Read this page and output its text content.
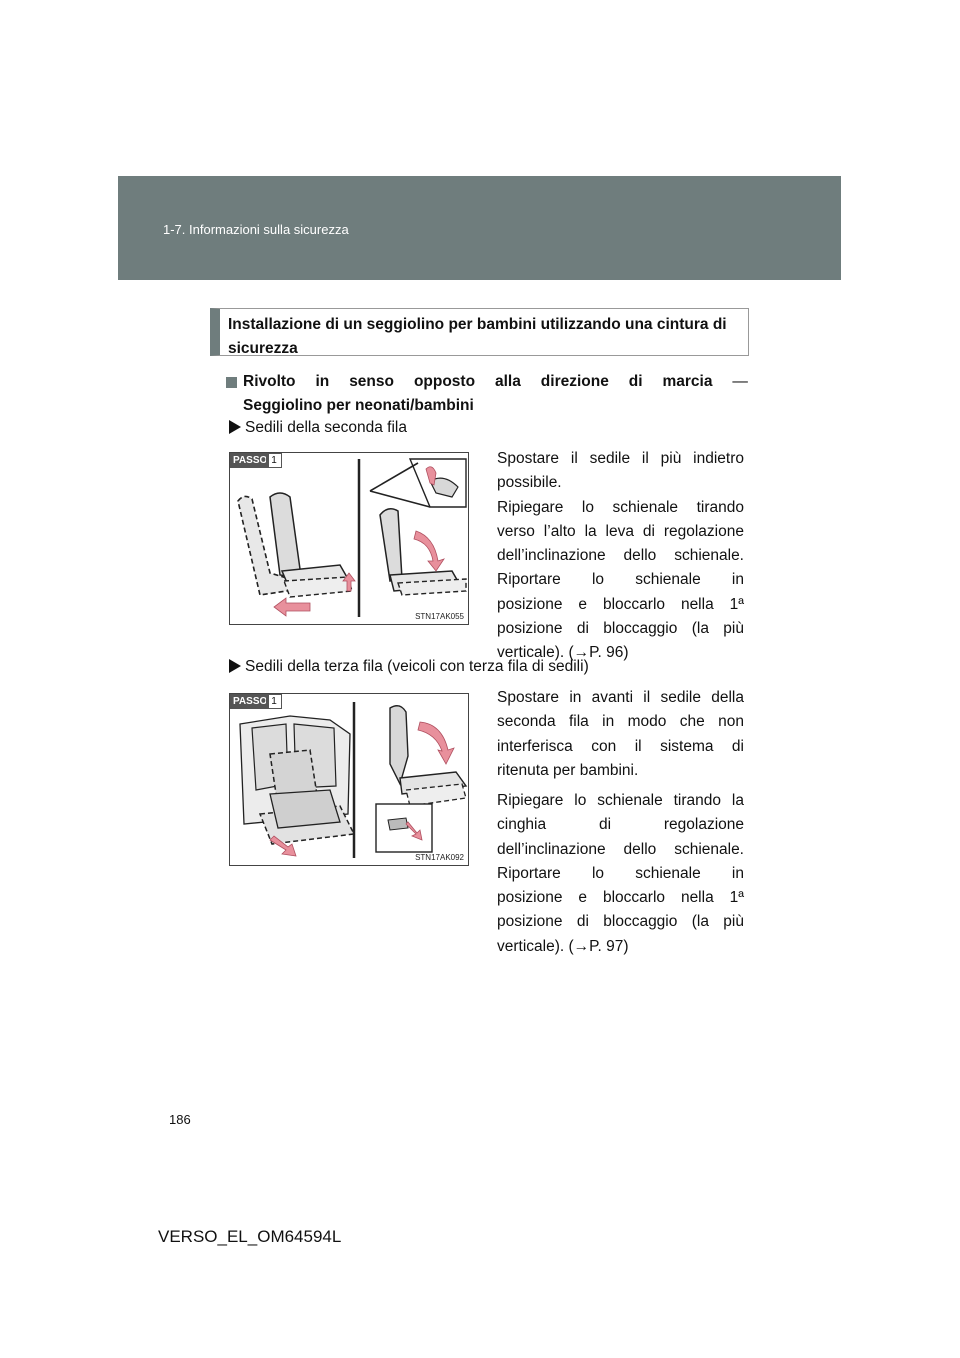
1-7. Informazioni sulla sicurezza
Installazione di un seggiolino per bambini utilizzando una cintura di sicurezza
Rivolto in senso opposto alla direzione di marcia —
Seggiolino per neonati/bambini
Sedili della seconda fila
PASSO 1
STN17AK055
Spostare il sedile il più indietro
possibile.
Ripiegare lo schienale tirando
verso l’alto la leva di regolazione
dell’inclinazione dello schienale.
Riportare lo schienale in
posizione e bloccarlo nella 1ª
posizione di bloccaggio (la più
verticale). (→P. 96)
Sedili della terza fila (veicoli con terza fila di sedili)
PASSO 1
STN17AK092
Spostare in avanti il sedile della
seconda fila in modo che non
interferisca con il sistema di
ritenuta per bambini.
Ripiegare lo schienale tirando la
cinghia di regolazione
dell’inclinazione dello schienale.
Riportare lo schienale in
posizione e bloccarlo nella 1ª
posizione di bloccaggio (la più
verticale). (→P. 97)
186
VERSO_EL_OM64594L
